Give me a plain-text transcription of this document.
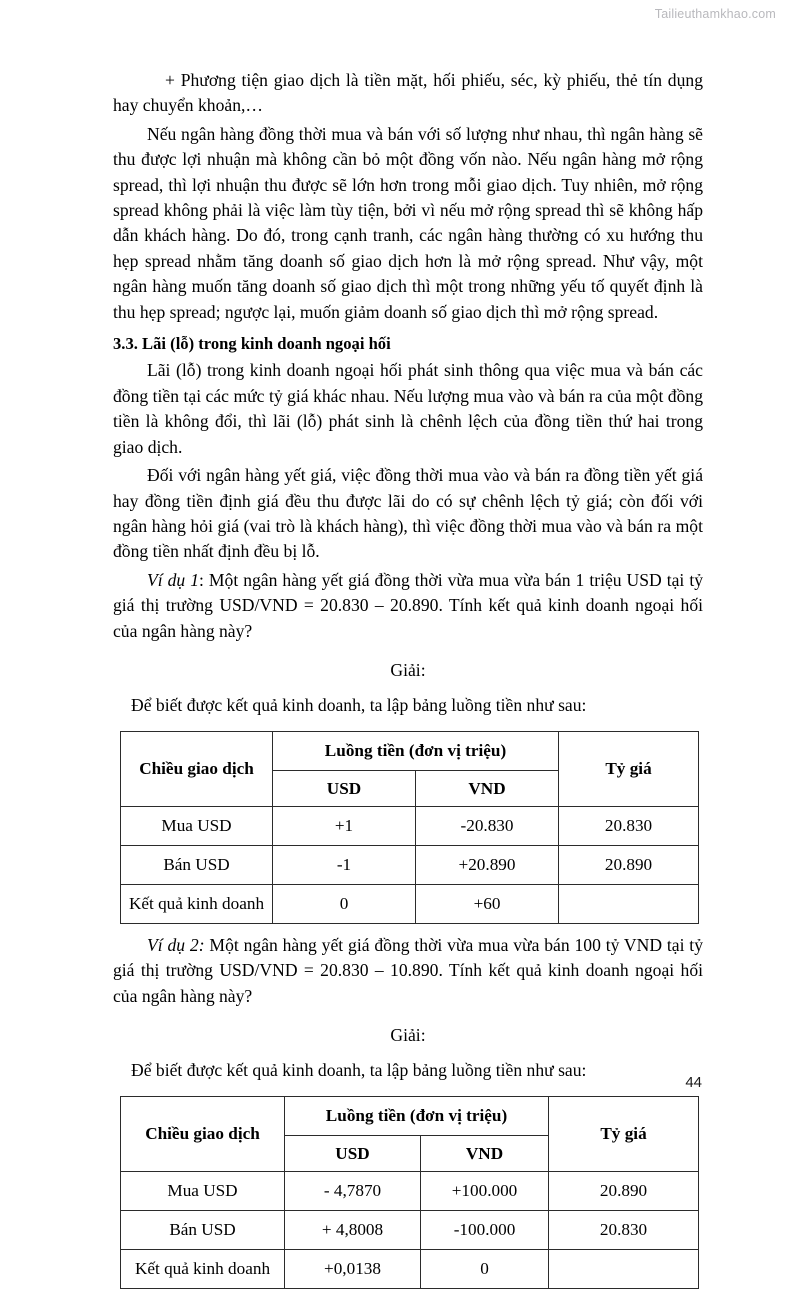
Tailieuthamkhao.com

+ Phương tiện giao dịch là tiền mặt, hối phiếu, séc, kỳ phiếu, thẻ tín dụng hay chuyển khoản,…

Nếu ngân hàng đồng thời mua và bán với số lượng như nhau, thì ngân hàng sẽ thu được lợi nhuận mà không cần bỏ một đồng vốn nào. Nếu ngân hàng mở rộng spread, thì lợi nhuận thu được sẽ lớn hơn trong mỗi giao dịch. Tuy nhiên, mở rộng spread không phải là việc làm tùy tiện, bởi vì nếu mở rộng spread thì sẽ không hấp dẫn khách hàng. Do đó, trong cạnh tranh, các ngân hàng thường có xu hướng thu hẹp spread nhằm tăng doanh số giao dịch hơn là mở rộng spread. Như vậy, một ngân hàng muốn tăng doanh số giao dịch thì một trong những yếu tố quyết định là thu hẹp spread; ngược lại, muốn giảm doanh số giao dịch thì mở rộng spread.

3.3. Lãi (lỗ) trong kinh doanh ngoại hối

Lãi (lỗ) trong kinh doanh ngoại hối phát sinh thông qua việc mua và bán các đồng tiền tại các mức tỷ giá khác nhau. Nếu lượng mua vào và bán ra của một đồng tiền là không đổi, thì lãi (lỗ) phát sinh là chênh lệch của đồng tiền thứ hai trong giao dịch.

Đối với ngân hàng yết giá, việc đồng thời mua vào và bán ra đồng tiền yết giá hay đồng tiền định giá đều thu được lãi do có sự chênh lệch tỷ giá; còn đối với ngân hàng hỏi giá (vai trò là khách hàng), thì việc đồng thời mua vào và bán ra một đồng tiền nhất định đều bị lỗ.

Ví dụ 1: Một ngân hàng yết giá đồng thời vừa mua vừa bán 1 triệu USD tại tỷ giá thị trường USD/VND = 20.830 – 20.890. Tính kết quả kinh doanh ngoại hối của ngân hàng này?

Giải:

Để biết được kết quả kinh doanh, ta lập bảng luồng tiền như sau:

Chiều giao dịch	Luồng tiền (đơn vị triệu)		Tỷ giá
	USD	VND	
Mua USD	+1	-20.830	20.830
Bán USD	-1	+20.890	20.890
Kết quả kinh doanh	0	+60	

Ví dụ 2: Một ngân hàng yết giá đồng thời vừa mua vừa bán 100 tỷ VND tại tỷ giá thị trường USD/VND = 20.830 – 10.890. Tính kết quả kinh doanh ngoại hối của ngân hàng này?

Giải:

Để biết được kết quả kinh doanh, ta lập bảng luồng tiền như sau:

Chiều giao dịch	Luồng tiền (đơn vị triệu)		Tỷ giá
	USD	VND	
Mua USD	- 4,7870	+100.000	20.890
Bán USD	+ 4,8008	-100.000	20.830
Kết quả kinh doanh	+0,0138	0	
44
